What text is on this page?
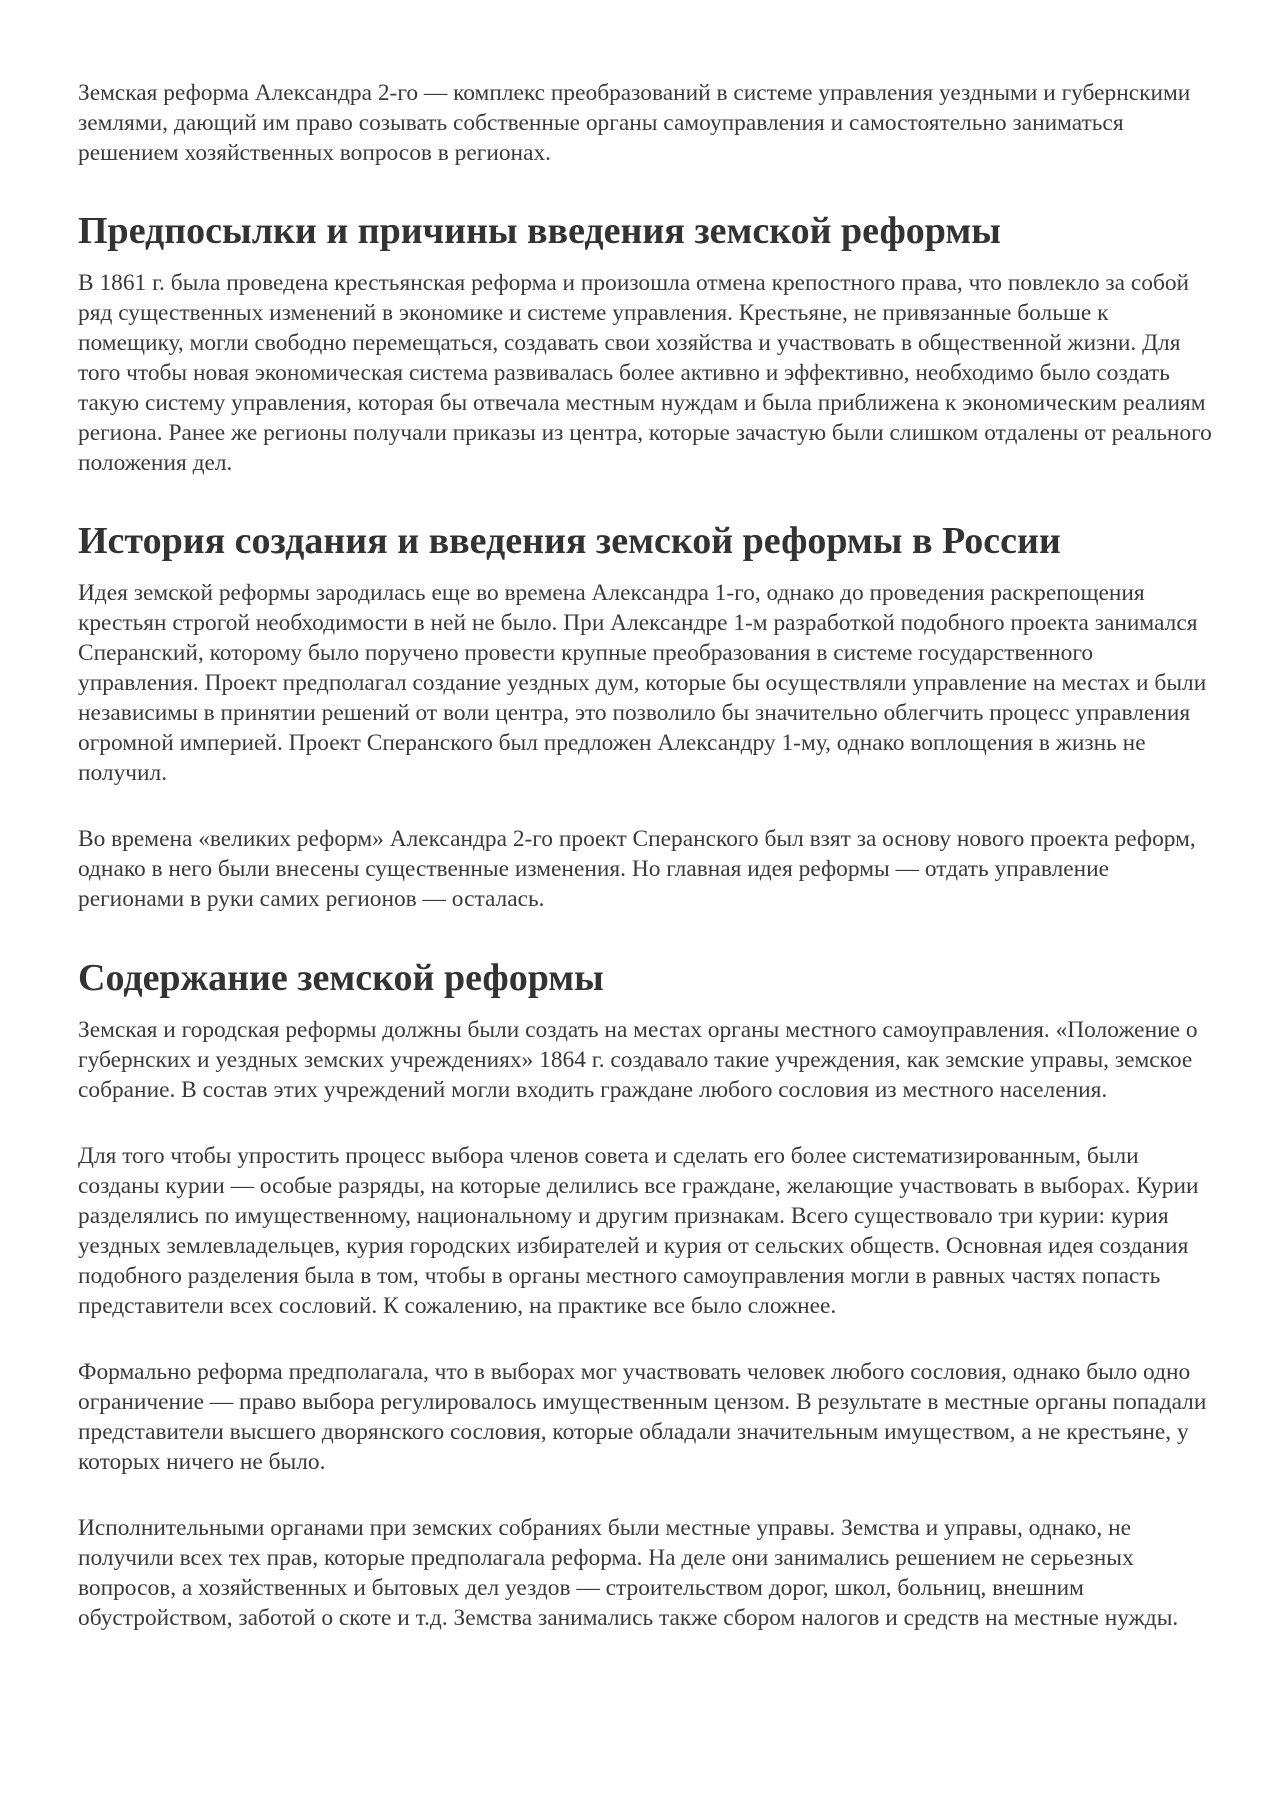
Земская реформа Александра 2-го — комплекс преобразований в системе управления уездными и губернскими землями, дающий им право созывать собственные органы самоуправления и самостоятельно заниматься решением хозяйственных вопросов в регионах.

Предпосылки и причины введения земской реформы

В 1861 г. была проведена крестьянская реформа и произошла отмена крепостного права, что повлекло за собой ряд существенных изменений в экономике и системе управления. Крестьяне, не привязанные больше к помещику, могли свободно перемещаться, создавать свои хозяйства и участвовать в общественной жизни. Для того чтобы новая экономическая система развивалась более активно и эффективно, необходимо было создать такую систему управления, которая бы отвечала местным нуждам и была приближена к экономическим реалиям региона. Ранее же регионы получали приказы из центра, которые зачастую были слишком отдалены от реального положения дел.

История создания и введения земской реформы в России

Идея земской реформы зародилась еще во времена Александра 1-го, однако до проведения раскрепощения крестьян строгой необходимости в ней не было. При Александре 1-м разработкой подобного проекта занимался Сперанский, которому было поручено провести крупные преобразования в системе государственного управления. Проект предполагал создание уездных дум, которые бы осуществляли управление на местах и были независимы в принятии решений от воли центра, это позволило бы значительно облегчить процесс управления огромной империей. Проект Сперанского был предложен Александру 1-му, однако воплощения в жизнь не получил.

Во времена «великих реформ» Александра 2-го проект Сперанского был взят за основу нового проекта реформ, однако в него были внесены существенные изменения. Но главная идея реформы — отдать управление регионами в руки самих регионов — осталась.

Содержание земской реформы

Земская и городская реформы должны были создать на местах органы местного самоуправления. «Положение о губернских и уездных земских учреждениях» 1864 г. создавало такие учреждения, как земские управы, земское собрание. В состав этих учреждений могли входить граждане любого сословия из местного населения.

Для того чтобы упростить процесс выбора членов совета и сделать его более систематизированным, были созданы курии — особые разряды, на которые делились все граждане, желающие участвовать в выборах. Курии разделялись по имущественному, национальному и другим признакам. Всего существовало три курии: курия уездных землевладельцев, курия городских избирателей и курия от сельских обществ. Основная идея создания подобного разделения была в том, чтобы в органы местного самоуправления могли в равных частях попасть представители всех сословий. К сожалению, на практике все было сложнее.

Формально реформа предполагала, что в выборах мог участвовать человек любого сословия, однако было одно ограничение — право выбора регулировалось имущественным цензом. В результате в местные органы попадали представители высшего дворянского сословия, которые обладали значительным имуществом, а не крестьяне, у которых ничего не было.

Исполнительными органами при земских собраниях были местные управы. Земства и управы, однако, не получили всех тех прав, которые предполагала реформа. На деле они занимались решением не серьезных вопросов, а хозяйственных и бытовых дел уездов — строительством дорог, школ, больниц, внешним обустройством, заботой о скоте и т.д. Земства занимались также сбором налогов и средств на местные нужды.
